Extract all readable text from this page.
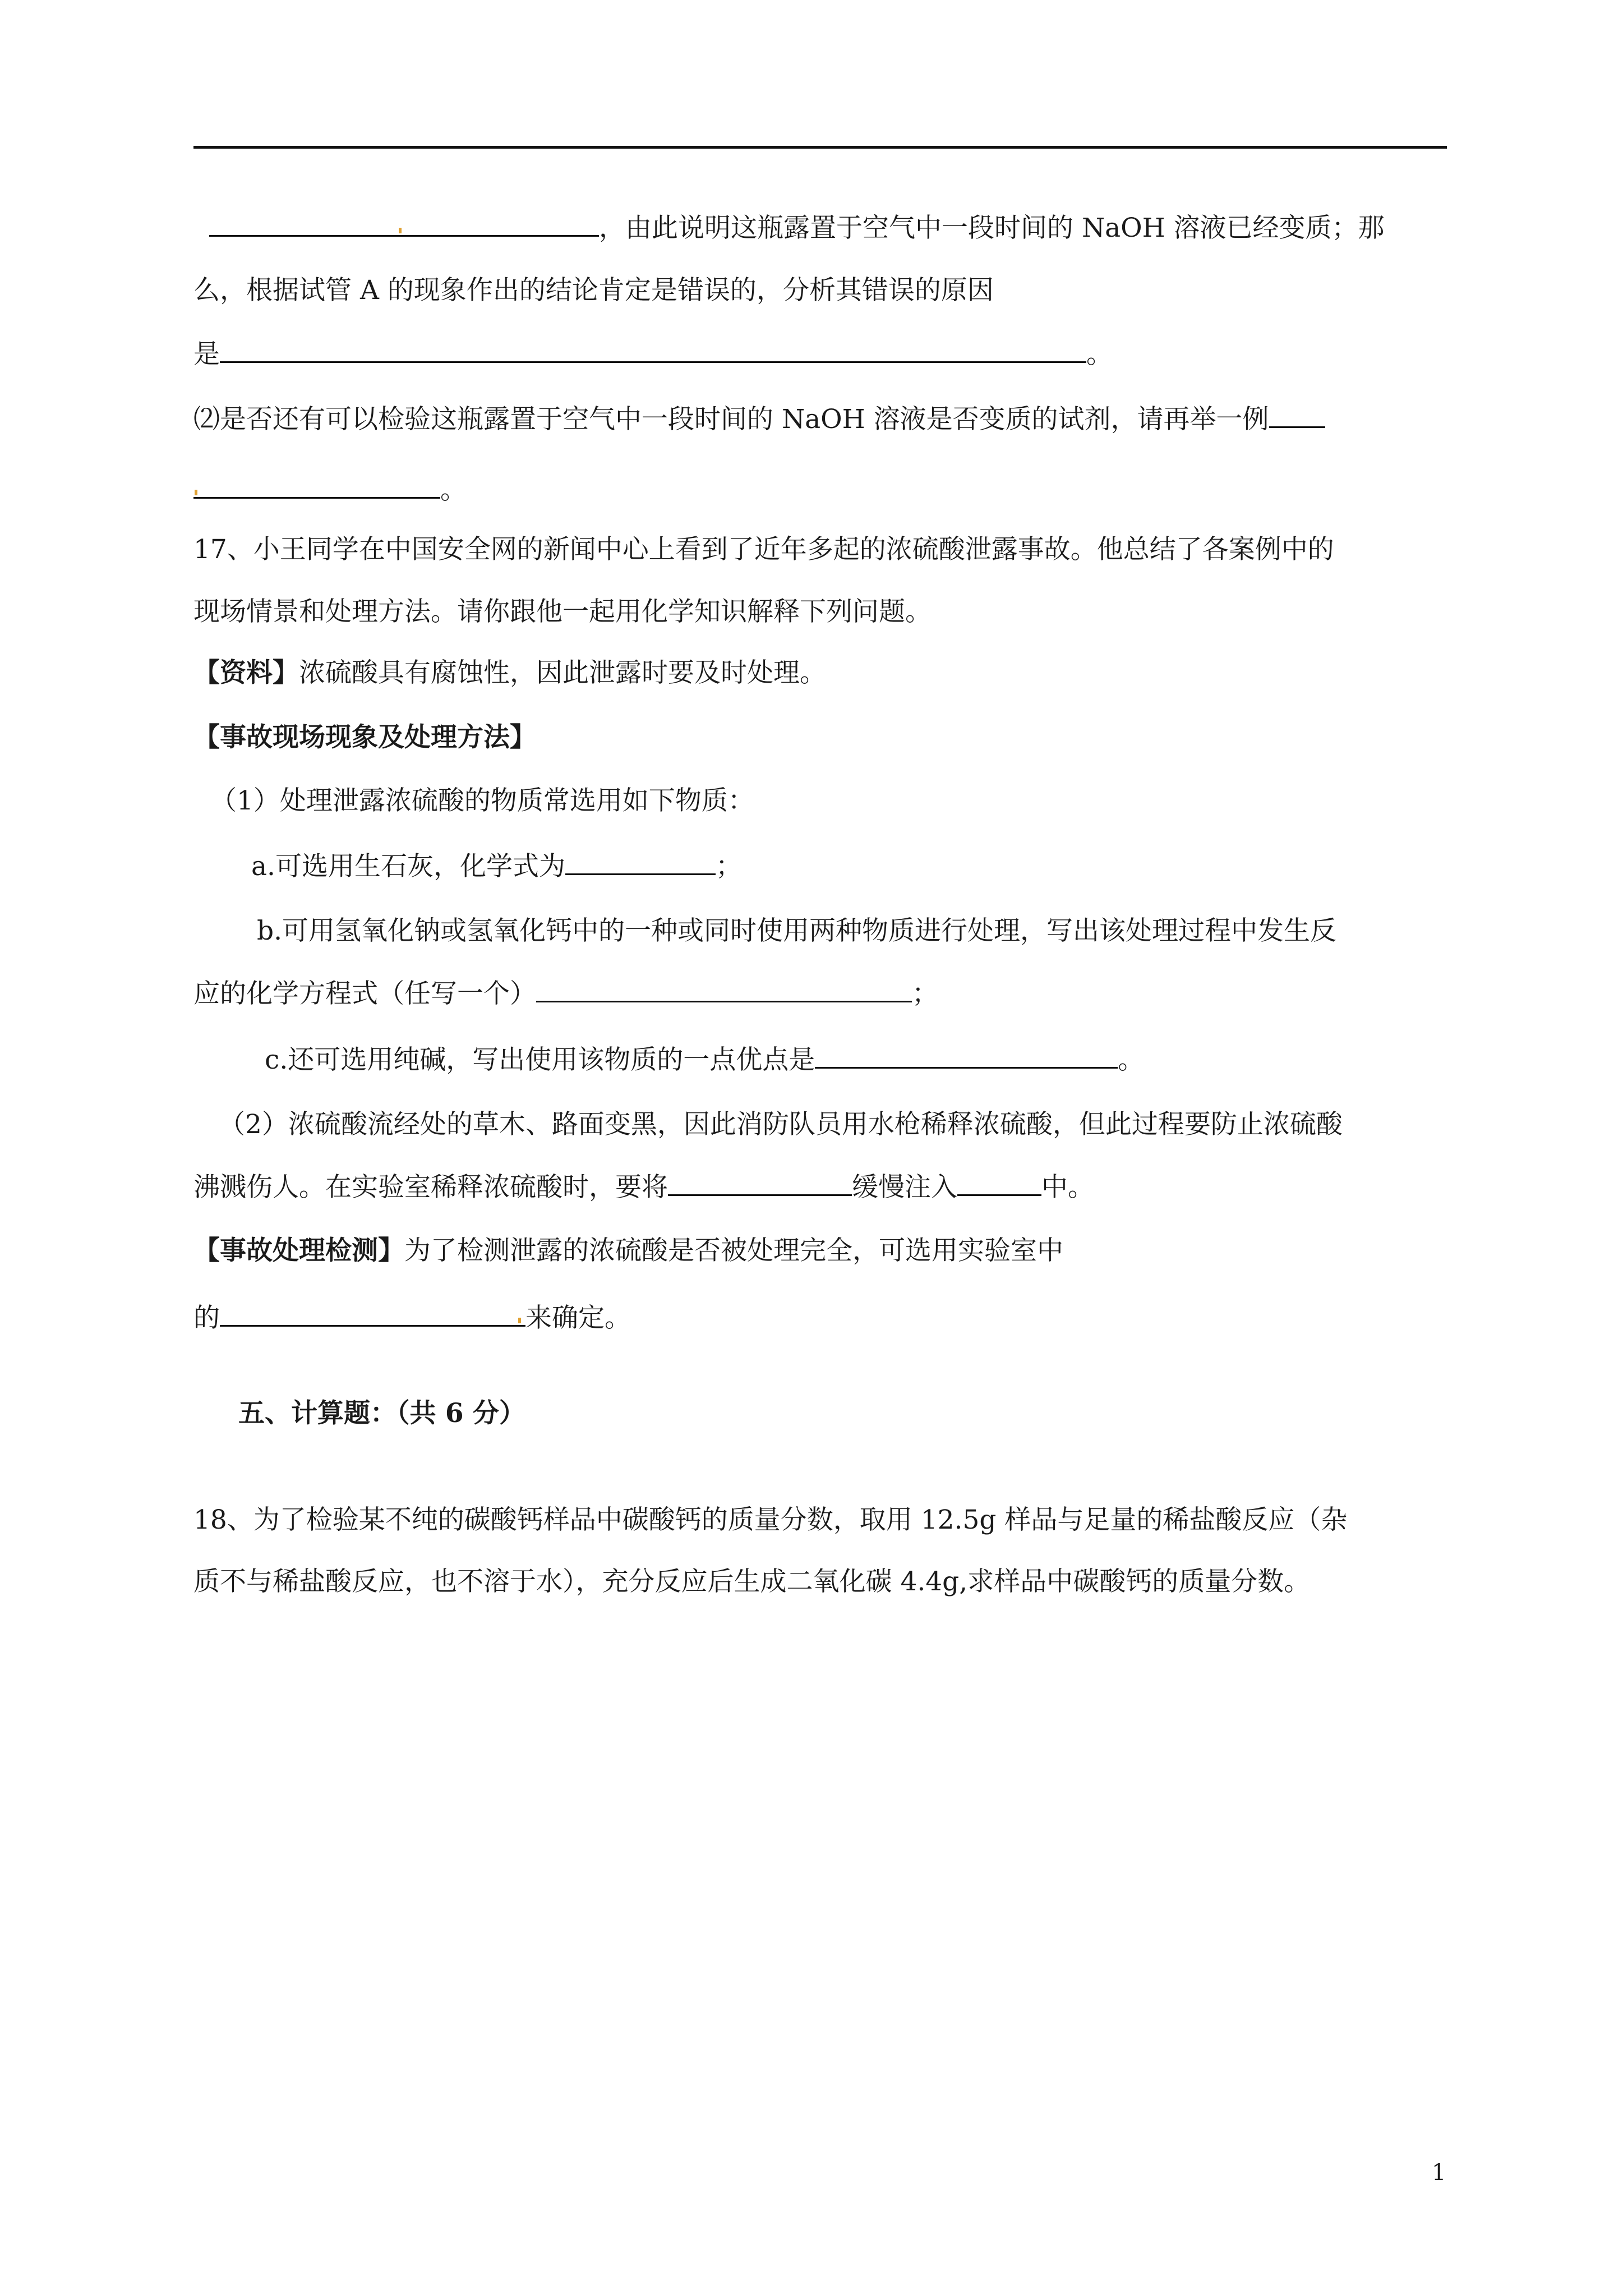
，由此说明这瓶露置于空气中一段时间的 NaOH 溶液已经变质；那
么，根据试管 A 的现象作出的结论肯定是错误的，分析其错误的原因
是	。
⑵是否还有可以检验这瓶露置于空气中一段时间的 NaOH 溶液是否变质的试剂，请再举一例
。
17、小王同学在中国安全网的新闻中心上看到了近年多起的浓硫酸泄露事故。他总结了各案例中的
现场情景和处理方法。请你跟他一起用化学知识解释下列问题。
【资料】浓硫酸具有腐蚀性，因此泄露时要及时处理。
【事故现场现象及处理方法】
（1）处理泄露浓硫酸的物质常选用如下物质：
a.可选用生石灰，化学式为	；
b.可用氢氧化钠或氢氧化钙中的一种或同时使用两种物质进行处理，写出该处理过程中发生反
应的化学方程式（任写一个）	；
c.还可选用纯碱，写出使用该物质的一点优点是	。
（2）浓硫酸流经处的草木、路面变黑，因此消防队员用水枪稀释浓硫酸，但此过程要防止浓硫酸
沸溅伤人。在实验室稀释浓硫酸时，要将	缓慢注入	中。
【事故处理检测】为了检测泄露的浓硫酸是否被处理完全，可选用实验室中
的	来确定。
五、计算题：（共 6 分）
18、为了检验某不纯的碳酸钙样品中碳酸钙的质量分数，取用 12.5g 样品与足量的稀盐酸反应（杂
质不与稀盐酸反应，也不溶于水），充分反应后生成二氧化碳 4.4g,求样品中碳酸钙的质量分数。
1
